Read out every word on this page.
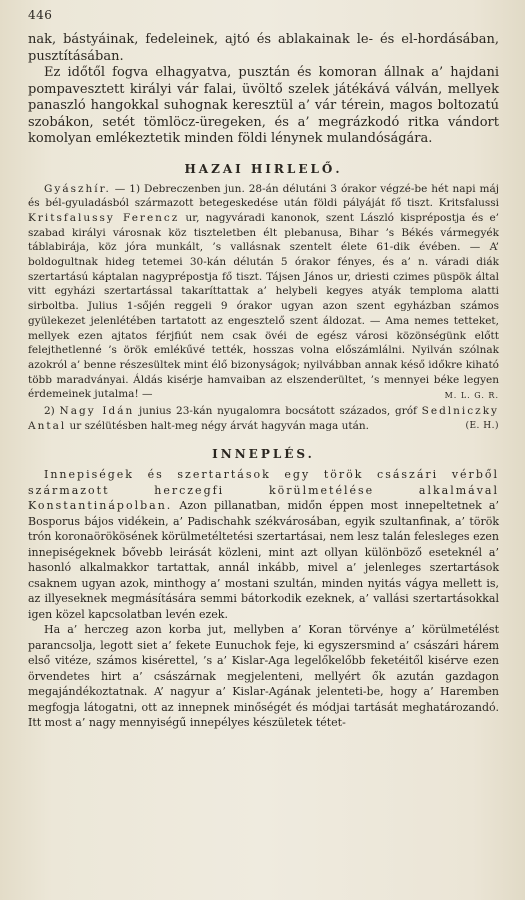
446

nak, bástyáinak, fedeleinek, ajtó és ablakainak le- és el-hordásában, pusztításában.

Ez időtől fogva elhagyatva, pusztán és komoran állnak a’ hajdani pompavesztett királyi vár falai, üvöltő szelek játékává válván, mellyek panaszló hangokkal suhognak keresztül a’ vár térein, magos boltozatú szobákon, setét tömlöcz-üregeken, és a’ megrázkodó ritka vándort komolyan emlékeztetik minden földi lénynek mulandóságára.

HAZAI HIRLELŐ.

Gyászhír. — 1) Debreczenben jun. 28-án délutáni 3 órakor végzé-be hét napi máj és bél-gyuladásból származott betegeskedése után földi pályáját fő tiszt. Kritsfalussi Kritsfalussy Ferencz ur, nagyváradi kanonok, szent László kisprépostja és e’ szabad királyi városnak köz tiszteletben élt plebanusa, Bihar ’s Békés vármegyék táblabirája, köz jóra munkált, ’s vallásnak szentelt élete 61-dik évében. — A’ boldogultnak hideg tetemei 30-kán délután 5 órakor fényes, és a’ n. váradi diák szertartású káptalan nagyprépostja fő tiszt. Tájsen János ur, driesti czimes püspök által vitt egyházi szertartással takaríttattak a’ helybeli kegyes atyák temploma alatti sirboltba. Julius 1-sőjén reggeli 9 órakor ugyan azon szent egyházban számos gyülekezet jelenlétében tartatott az engesztelő szent áldozat. — Ama nemes tetteket, mellyek ezen ajtatos férjfiút nem csak övéi de egész városi közönségünk előtt felejthetlenné ’s örök emlékűvé tették, hosszas volna előszámlálni. Nyilván szólnak azokról a’ benne részesültek mint élő bizonyságok; nyilvábban annak késő időkre kiható több maradványai. Áldás kisérje hamvaiban az elszenderültet, ’s mennyei béke legyen érdemeinek jutalma! —	M. L. G. R.

2) Nagy Idán junius 23-kán nyugalomra bocsátott százados, gróf Sedlniczky Antal ur szélütésben halt-meg négy árvát hagyván maga után.	(E. H.)

INNEPLÉS.

Innepiségek és szertartások egy török császári vérből származott herczegfi körülmetélése alkalmával Konstantinápolban. Azon pillanatban, midőn éppen most innepeltetnek a’ Bosporus bájos vidékein, a’ Padischahk székvárosában, egyik szultanfinak, a’ török trón koronaörökösének körülmetéltetési szertartásai, nem lesz talán felesleges ezen innepiségeknek bővebb leirását közleni, mint azt ollyan különböző eseteknél a’ hasonló alkalmakkor tartattak, annál inkább, mivel a’ jelenleges szertartások csaknem ugyan azok, minthogy a’ mostani szultán, minden nyitás vágya mellett is, az illyeseknek megmásítására semmi bátorkodik ezeknek, a’ vallási szertartásokkal igen közel kapcsolatban levén ezek.

Ha a’ herczeg azon korba jut, mellyben a’ Koran törvénye a’ körülmetélést parancsolja, legott siet a’ fekete Eunuchok feje, ki egyszersmind a’ császári hárem első vitéze, számos kisérettel, ’s a’ Kislar-Aga legelőkelőbb feketéitől kisérve ezen örvendetes hirt a’ császárnak megjelenteni, mellyért ők azután gazdagon megajándékoztatnak. A’ nagyur a’ Kislar-Agának jelenteti-be, hogy a’ Haremben megfogja látogatni, ott az innepnek minőségét és módjai tartását meghatározandó. Itt most a’ nagy mennyiségű innepélyes készületek tétet-
